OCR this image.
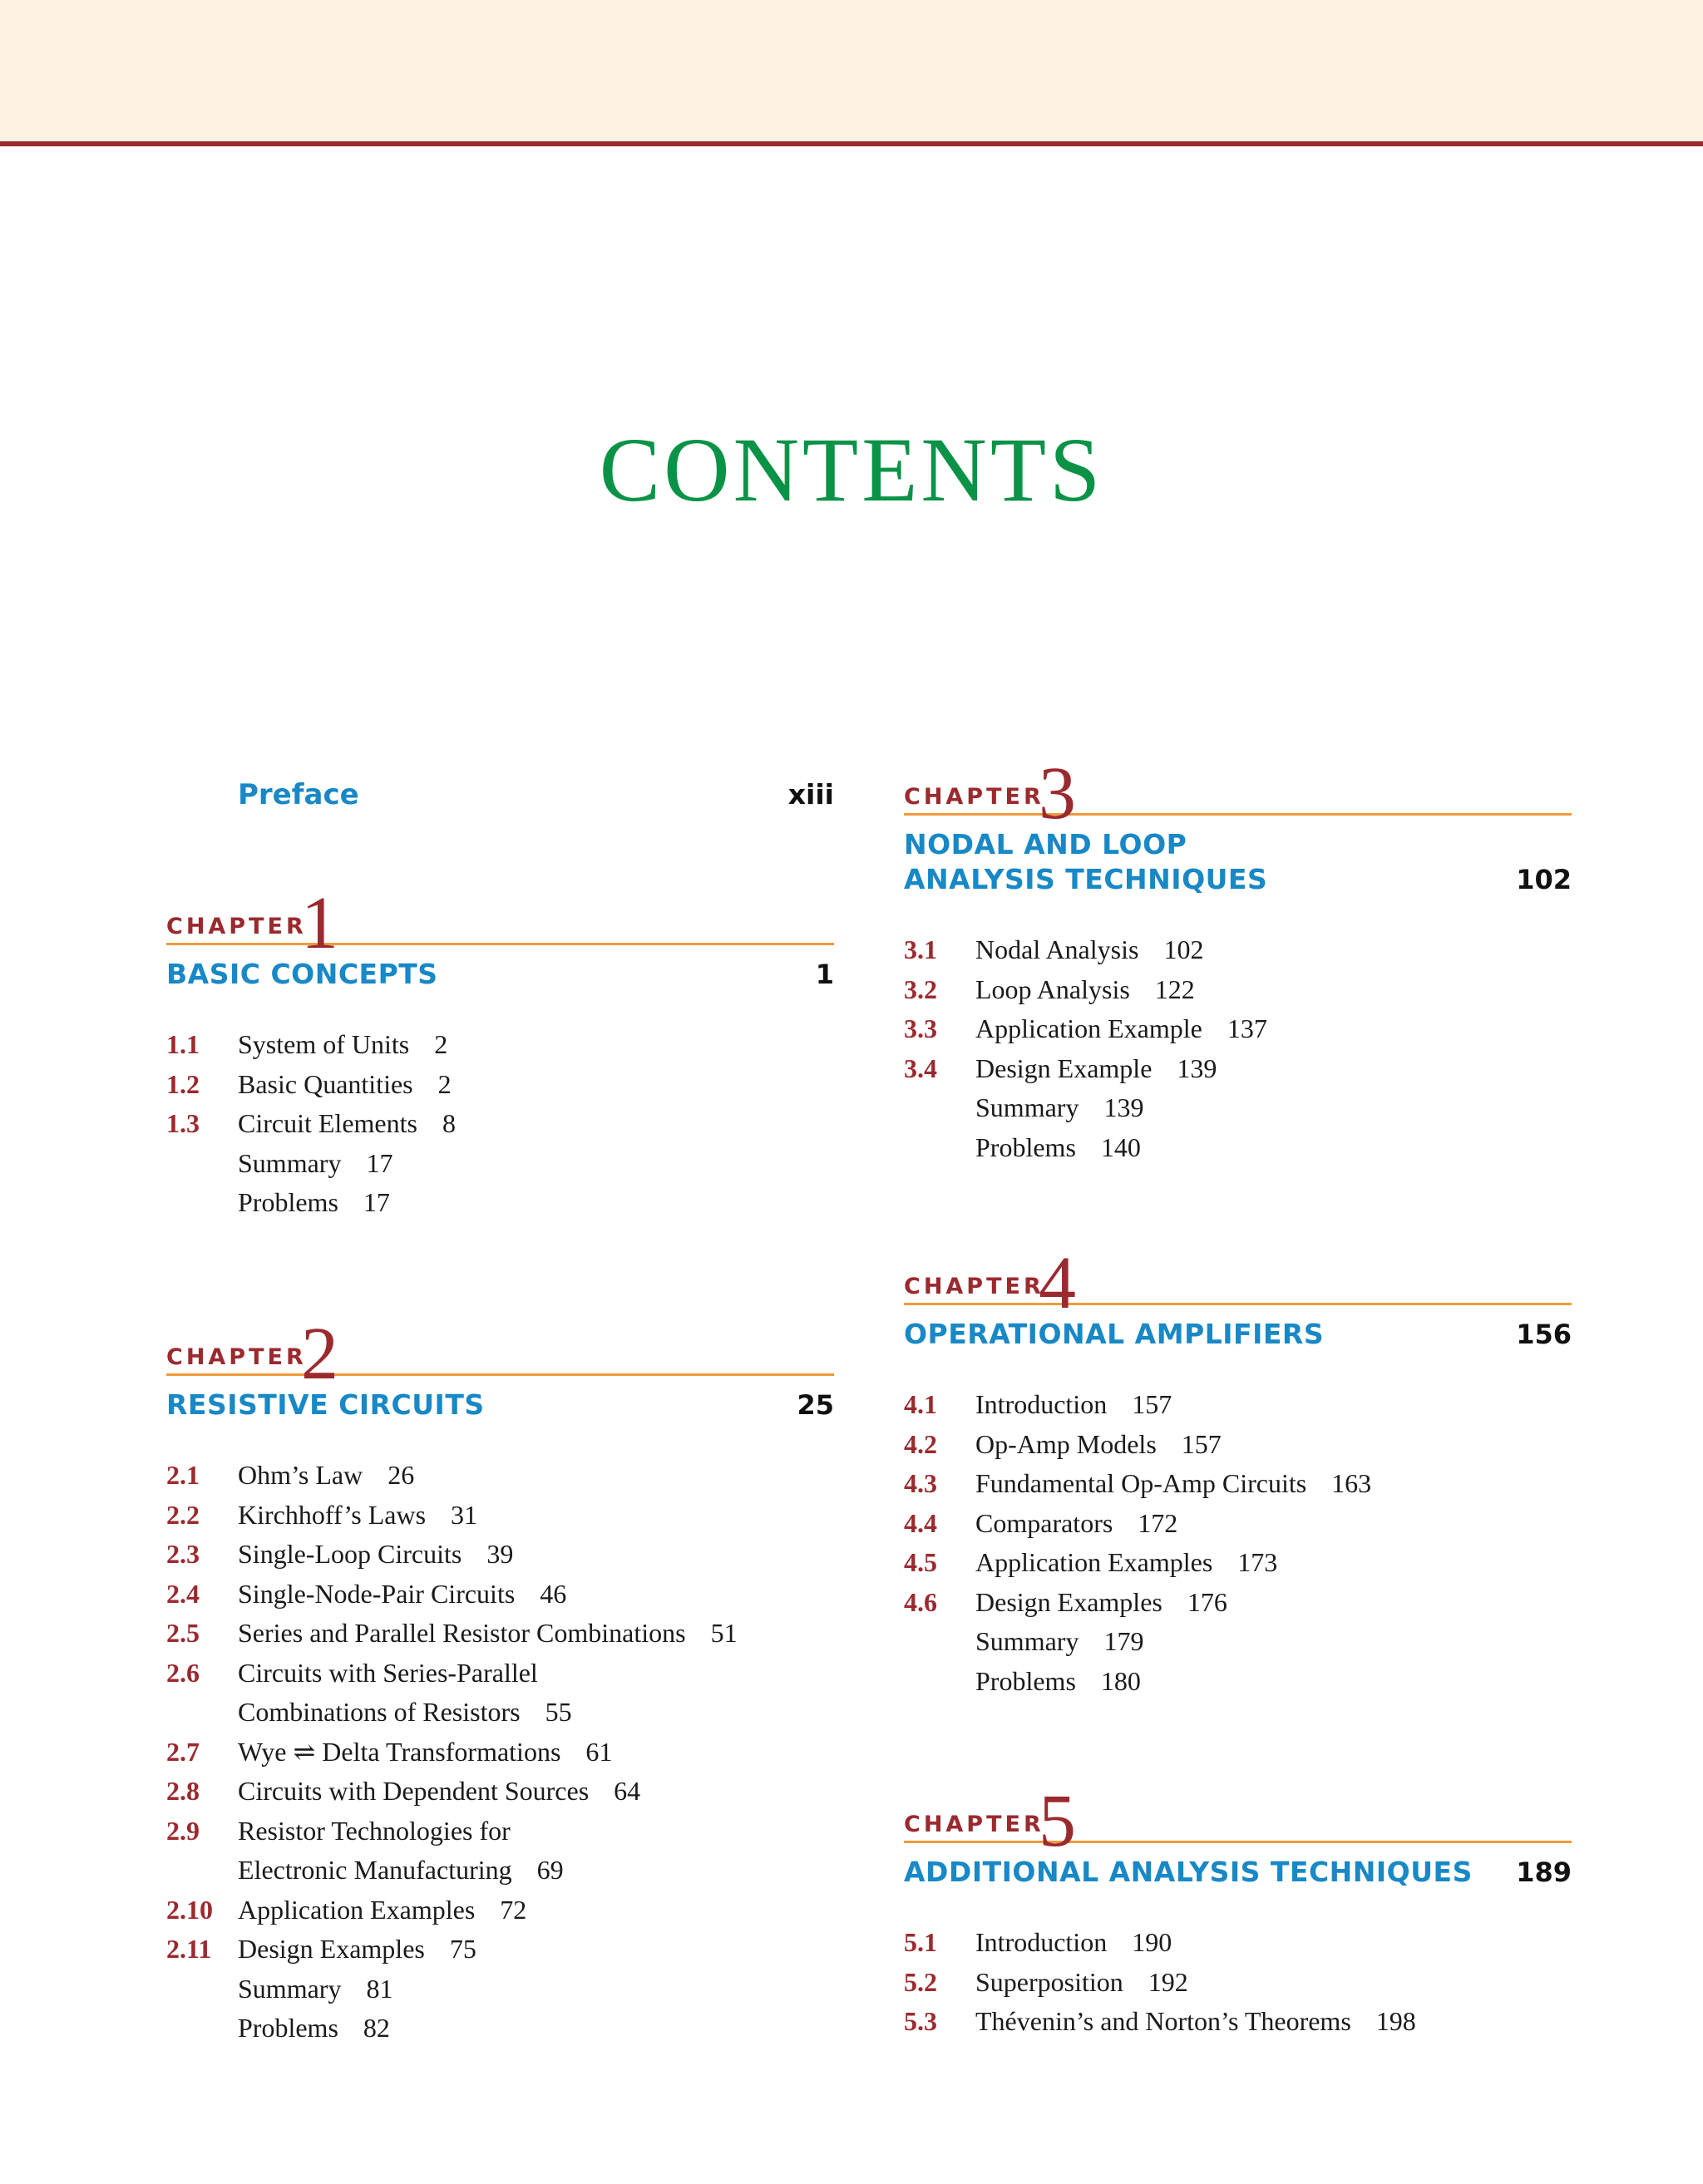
CONTENTS
Preface	xiii
CHAPTER
1
BASIC CONCEPTS	1
1.1 System of Units 2
1.2 Basic Quantities 2
1.3 Circuit Elements 8
Summary 17
Problems 17
CHAPTER
2
RESISTIVE CIRCUITS	25
2.1 Ohm’s Law 26
2.2 Kirchhoff’s Laws 31
2.3 Single-Loop Circuits 39
2.4 Single-Node-Pair Circuits 46
2.5 Series and Parallel Resistor Combinations 51
2.6 Circuits with Series-Parallel
Combinations of Resistors 55
2.7 Wye ⇌ Delta Transformations 61
2.8 Circuits with Dependent Sources 64
2.9 Resistor Technologies for
Electronic Manufacturing 69
2.10 Application Examples 72
2.11 Design Examples 75
Summary 81
Problems 82
CHAPTER
3
NODAL AND LOOP
ANALYSIS TECHNIQUES	102
3.1 Nodal Analysis 102
3.2 Loop Analysis 122
3.3 Application Example 137
3.4 Design Example 139
Summary 139
Problems 140
CHAPTER
4
OPERATIONAL AMPLIFIERS	156
4.1 Introduction 157
4.2 Op-Amp Models 157
4.3 Fundamental Op-Amp Circuits 163
4.4 Comparators 172
4.5 Application Examples 173
4.6 Design Examples 176
Summary 179
Problems 180
CHAPTER
5
ADDITIONAL ANALYSIS TECHNIQUES	189
5.1 Introduction 190
5.2 Superposition 192
5.3 Thévenin’s and Norton’s Theorems 198
